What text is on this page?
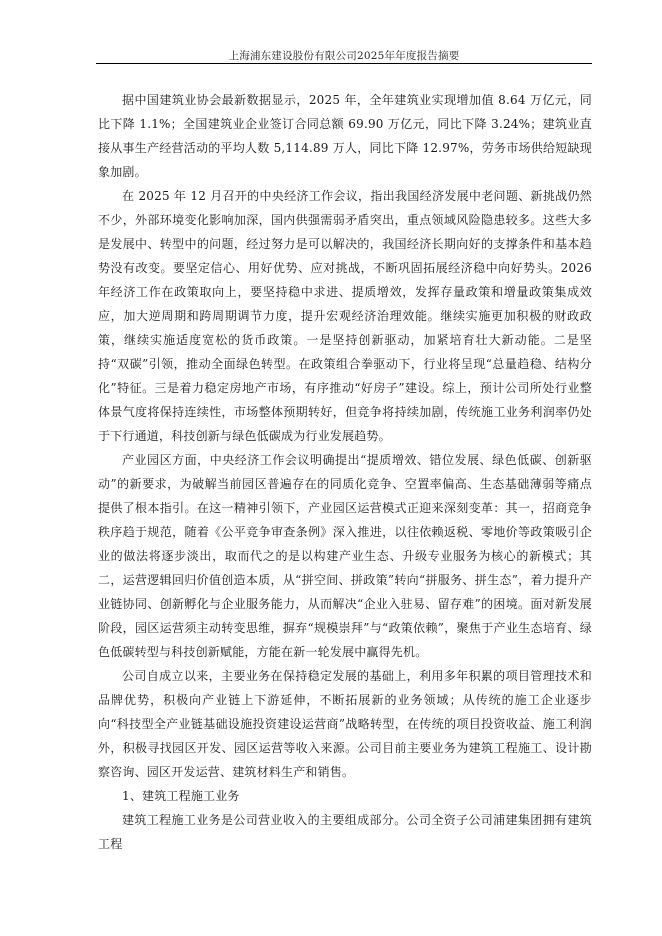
上海浦东建设股份有限公司2025年年度报告摘要

据中国建筑业协会最新数据显示，2025 年，全年建筑业实现增加值 8.64 万亿元，同比下降 1.1%；全国建筑业企业签订合同总额 69.90 万亿元，同比下降 3.24%；建筑业直接从事生产经营活动的平均人数 5,114.89 万人，同比下降 12.97%，劳务市场供给短缺现象加剧。

在 2025 年 12 月召开的中央经济工作会议，指出我国经济发展中老问题、新挑战仍然不少，外部环境变化影响加深，国内供强需弱矛盾突出，重点领域风险隐患较多。这些大多是发展中、转型中的问题，经过努力是可以解决的，我国经济长期向好的支撑条件和基本趋势没有改变。要坚定信心、用好优势、应对挑战，不断巩固拓展经济稳中向好势头。2026 年经济工作在政策取向上，要坚持稳中求进、提质增效，发挥存量政策和增量政策集成效应，加大逆周期和跨周期调节力度，提升宏观经济治理效能。继续实施更加积极的财政政策，继续实施适度宽松的货币政策。一是坚持创新驱动，加紧培育壮大新动能。二是坚持“双碳”引领，推动全面绿色转型。在政策组合拳驱动下，行业将呈现“总量趋稳、结构分化”特征。三是着力稳定房地产市场，有序推动“好房子”建设。综上，预计公司所处行业整体景气度将保持连续性，市场整体预期转好，但竞争将持续加剧，传统施工业务利润率仍处于下行通道，科技创新与绿色低碳成为行业发展趋势。

产业园区方面，中央经济工作会议明确提出“提质增效、错位发展、绿色低碳、创新驱动”的新要求，为破解当前园区普遍存在的同质化竞争、空置率偏高、生态基础薄弱等痛点提供了根本指引。在这一精神引领下，产业园区运营模式正迎来深刻变革：其一，招商竞争秩序趋于规范，随着《公平竞争审查条例》深入推进，以往依赖返税、零地价等政策吸引企业的做法将逐步淡出，取而代之的是以构建产业生态、升级专业服务为核心的新模式；其二，运营逻辑回归价值创造本质，从“拼空间、拼政策”转向“拼服务、拼生态”，着力提升产业链协同、创新孵化与企业服务能力，从而解决“企业入驻易、留存难”的困境。面对新发展阶段，园区运营须主动转变思维，摒弃“规模崇拜”与“政策依赖”，聚焦于产业生态培育、绿色低碳转型与科技创新赋能，方能在新一轮发展中赢得先机。

公司自成立以来，主要业务在保持稳定发展的基础上，利用多年积累的项目管理技术和品牌优势，积极向产业链上下游延伸，不断拓展新的业务领域；从传统的施工企业逐步向“科技型全产业链基础设施投资建设运营商”战略转型，在传统的项目投资收益、施工利润外，积极寻找园区开发、园区运营等收入来源。公司目前主要业务为建筑工程施工、设计勘察咨询、园区开发运营、建筑材料生产和销售。

1、建筑工程施工业务

建筑工程施工业务是公司营业收入的主要组成部分。公司全资子公司浦建集团拥有建筑工程
